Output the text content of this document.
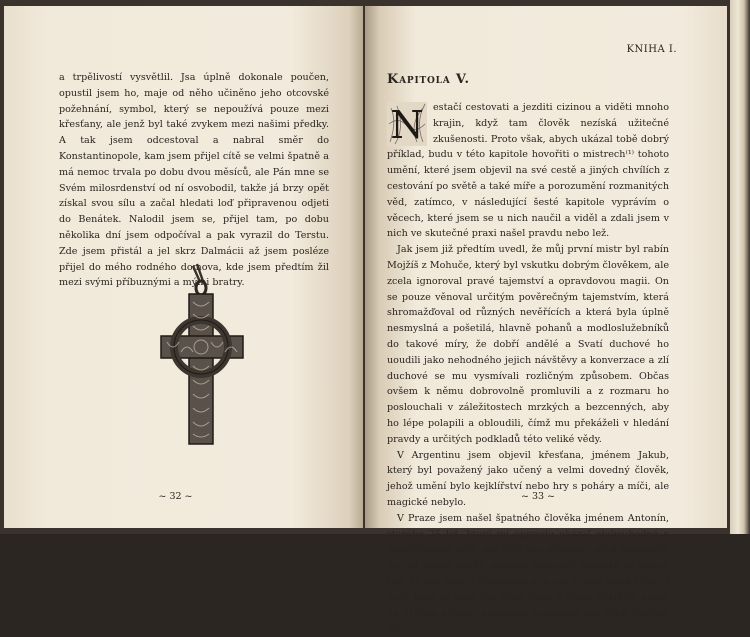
a trpělivostí vysvětlil. Jsa úplně dokonale poučen, opustil jsem ho, maje od něho učiněno jeho otcovské požehnání, symbol, který se nepoužívá pouze mezi křesťany, ale jenž byl také zvykem mezi našimi předky. A tak jsem odcestoval a nabral směr do Konstantinopole, kam jsem přijel cítě se velmi špatně a má nemoc trvala po dobu dvou měsíců, ale Pán mne se Svém milosrdenství od ní osvobodil, takže já brzy opět získal svou sílu a začal hledati loď připravenou odjeti do Benátek. Nalodil jsem se, přijel tam, po dobu několika dní jsem odpočíval a pak vyrazil do Terstu. Zde jsem přistál a jel skrz Dalmácii až jsem posléze přijel do mého rodného domova, kde jsem předtím žil mezi svými příbuznými a mými bratry.

~ 32 ~
KNIHA I.
Kapitola V.

N estačí cestovati a jezditi cizinou a viděti mnoho krajin, když tam člověk nezíská užitečné zkušenosti. Proto však, abych ukázal tobě dobrý příklad, budu v této kapitole hovořiti o mistrech⁽¹⁾ tohoto umění, které jsem objevil na své cestě a jiných chvílích z cestování po světě a také míře a porozumění rozmanitých věd, zatímco, v následující šesté kapitole vyprávím o věcech, které jsem se u nich naučil a viděl a zdali jsem v nich ve skutečné praxi našel pravdu nebo lež.

Jak jsem již předtím uvedl, že můj první mistr byl rabín Mojžíš z Mohuče, který byl vskutku dobrým člověkem, ale zcela ignoroval pravé tajemství a opravdovou magii. On se pouze věnoval určitým pověrečným tajemstvím, která shromažďoval od různých nevěřících a která byla úplně nesmyslná a pošetilá, hlavně pohanů a modloslužebníků do takové míry, že dobří andělé a Svatí duchové ho uoudili jako nehodného jejich návštěvy a konverzace a zlí duchové se mu vysmívali rozličným způsobem. Občas ovšem k němu dobrovolně promluvili a z rozmaru ho poslouchali v záležitostech mrzkých a bezcenných, aby ho lépe polapili a obloudili, čímž mu překáželi v hledání pravdy a určitých podkladů této veliké vědy.

V Argentinu jsem objevil křesťana, jménem Jakub, který byl považený jako učený a velmi dovedný člověk, jehož umění bylo kejklířství nebo hry s poháry a míči, ale magické nebylo.

V Praze jsem našel špatného člověka jménem Antonín, starého 25 let, který mi opravdu ukázal obdivuhodné a nadpřirozené věci, ale Bůh nás ochraňuj před klesnutím do tak veliké chyby, protože bezectný darebák se netajil tím, že má pakt s Démonem a je mu vydán svým tělem i duší, když se před tím zřekl Boha a všech Svatých, avšak na druhou stranu, podvodný Leviathan mu slíbil čtyřicet let

~ 33 ~
